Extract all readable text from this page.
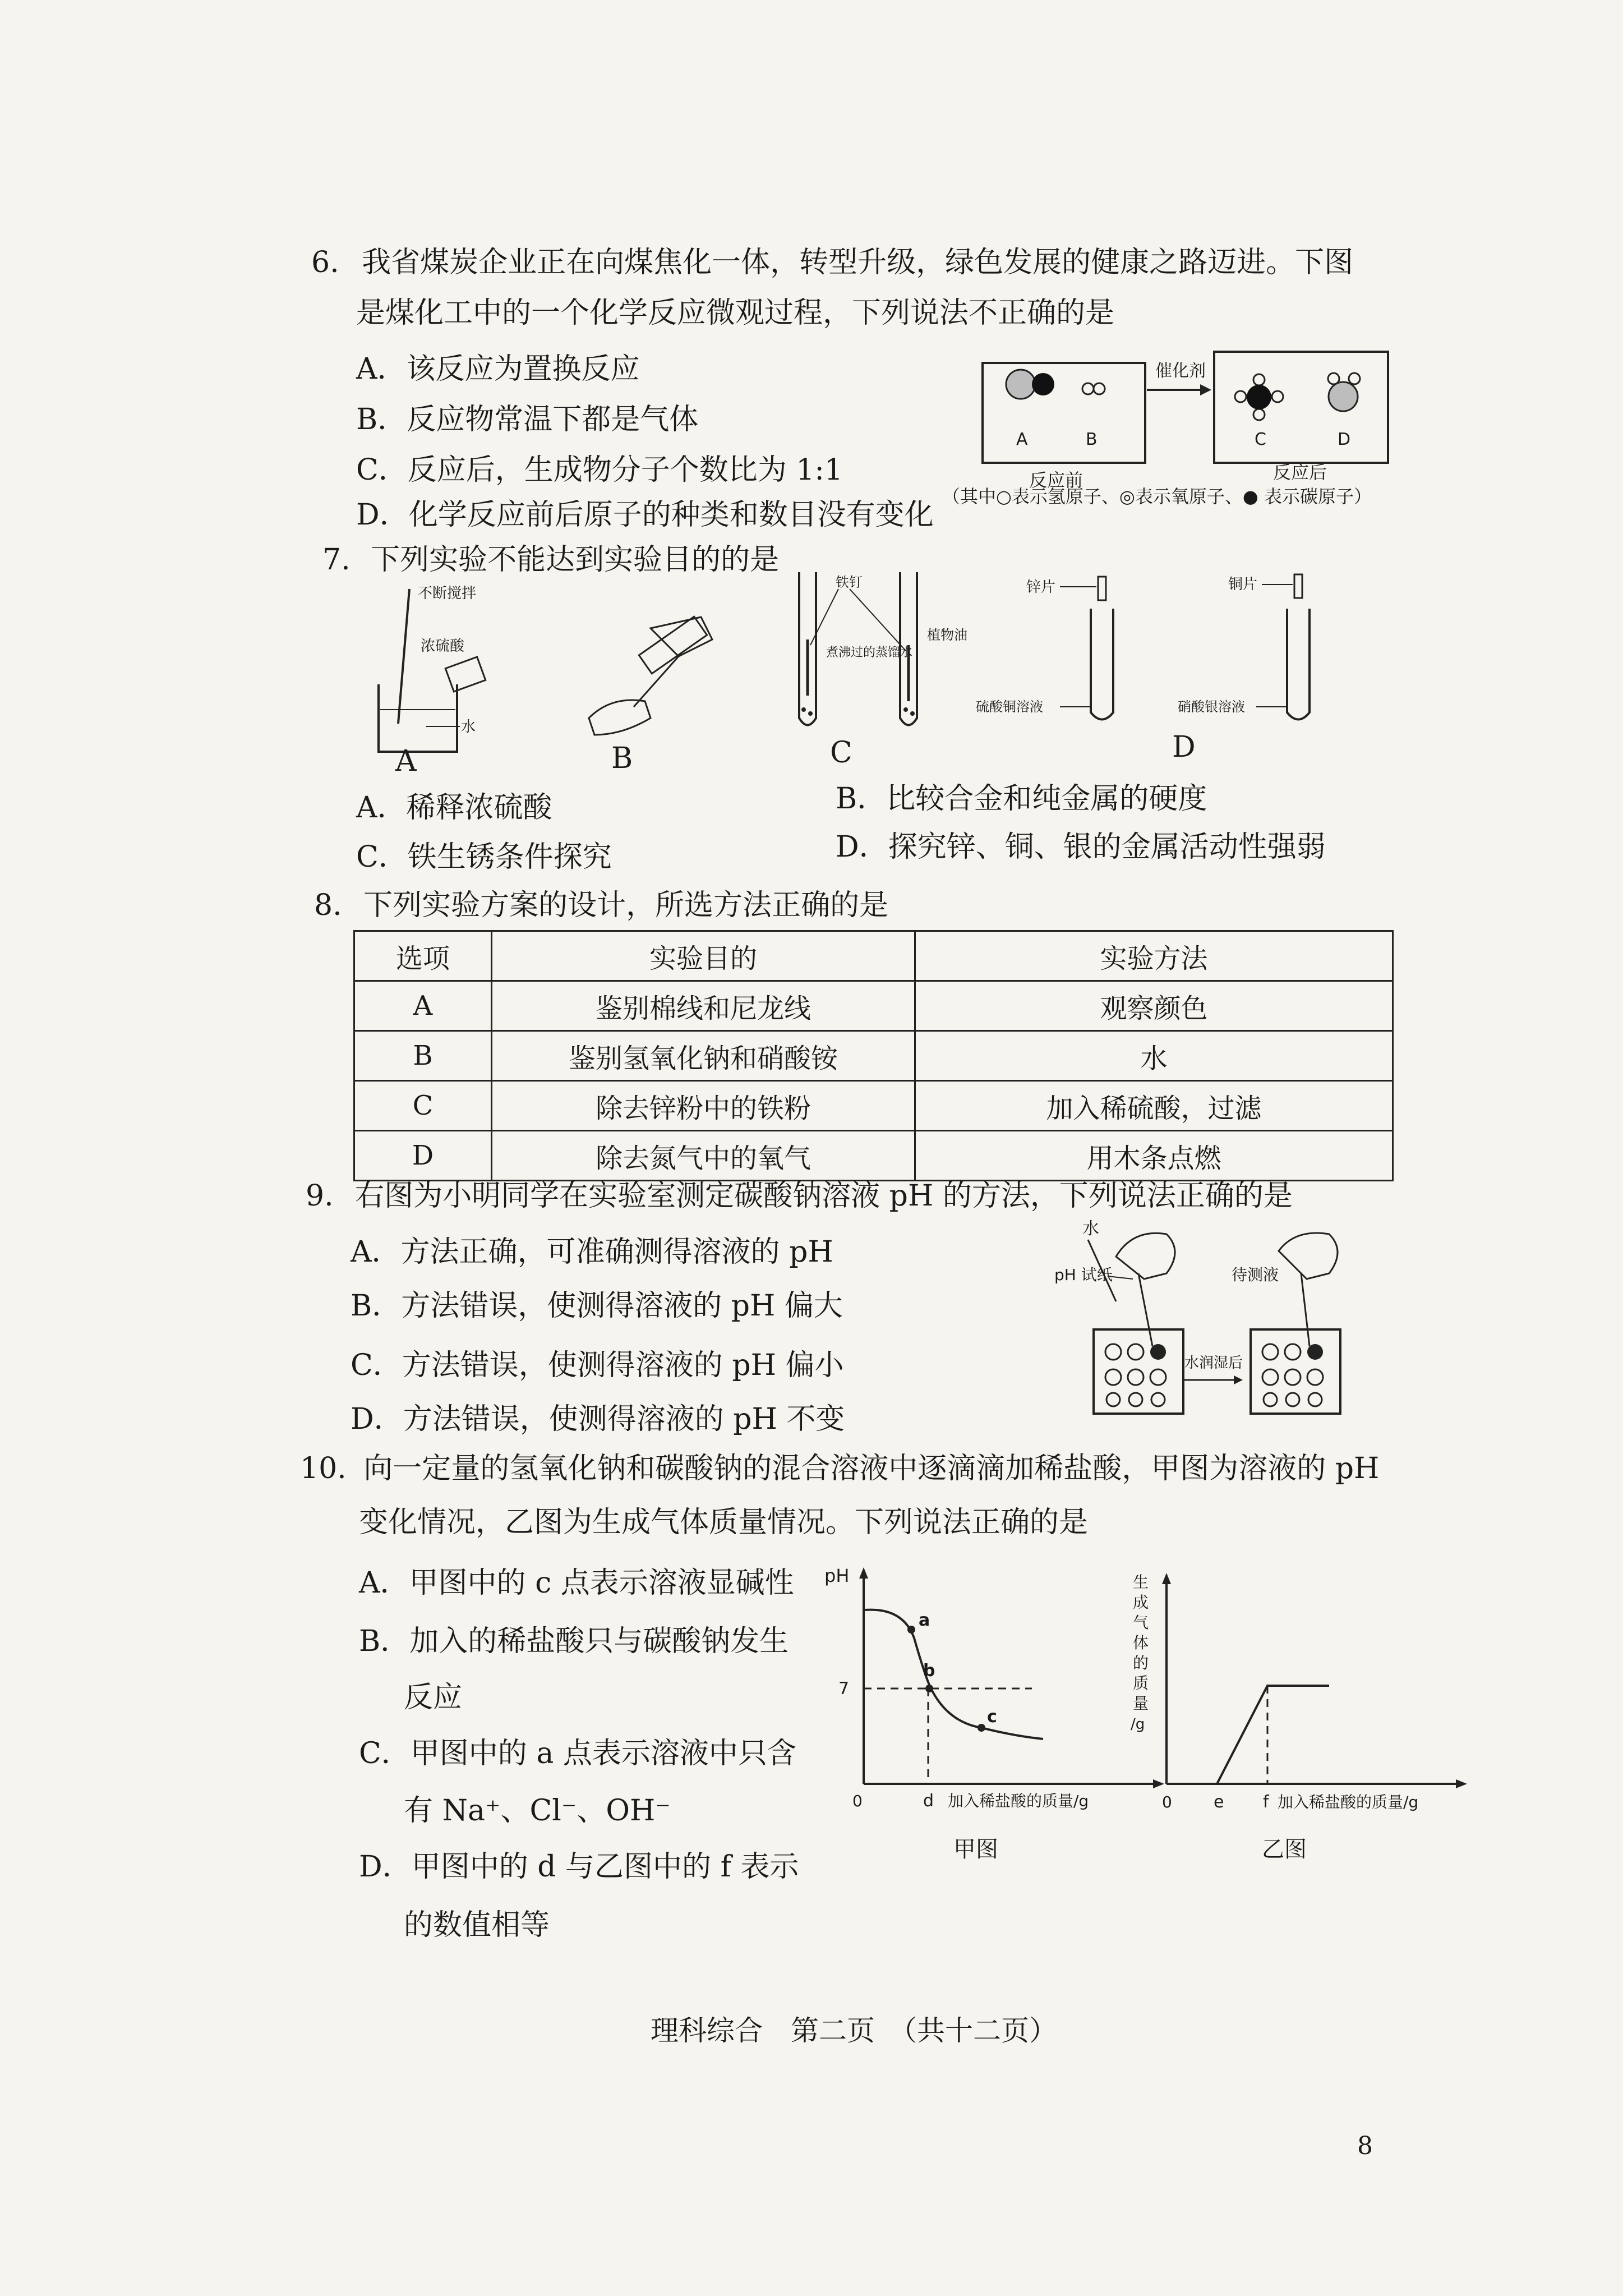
6. 我省煤炭企业正在向煤焦化一体，转型升级，绿色发展的健康之路迈进。下图
是煤化工中的一个化学反应微观过程，下列说法不正确的是
A．该反应为置换反应
B．反应物常温下都是气体
C．反应后，生成物分子个数比为 1:1
D．化学反应前后原子的种类和数目没有变化
A	B
催化剂
C	D
反应前	反应后
（其中○表示氢原子、◎表示氧原子、● 表示碳原子）
7. 下列实验不能达到实验目的的是
不断搅拌
浓硫酸
水
A	B
铁钉
煮沸过的蒸馏水
植物油
C
锌片
硫酸铜溶液
铜片
硝酸银溶液
D
A．稀释浓硫酸	B．比较合金和纯金属的硬度
C．铁生锈条件探究	D．探究锌、铜、银的金属活动性强弱
8. 下列实验方案的设计，所选方法正确的是
选项	实验目的	实验方法
A	鉴别棉线和尼龙线	观察颜色
B	鉴别氢氧化钠和硝酸铵	水
C	除去锌粉中的铁粉	加入稀硫酸，过滤
D	除去氮气中的氧气	用木条点燃
9. 右图为小明同学在实验室测定碳酸钠溶液 pH 的方法，下列说法正确的是
A．方法正确，可准确测得溶液的 pH
B．方法错误，使测得溶液的 pH 偏大
C．方法错误，使测得溶液的 pH 偏小
D．方法错误，使测得溶液的 pH 不变
水
pH 试纸
水润湿后
待测液
10. 向一定量的氢氧化钠和碳酸钠的混合溶液中逐滴滴加稀盐酸，甲图为溶液的 pH
变化情况，乙图为生成气体质量情况。下列说法正确的是
A．甲图中的 c 点表示溶液显碱性
B．加入的稀盐酸只与碳酸钠发生
反应
C．甲图中的 a 点表示溶液中只含
有 Na⁺、Cl⁻、OH⁻
D．甲图中的 d 与乙图中的 f 表示
的数值相等
pH
7
a
b
c
0	d 加入稀盐酸的质量/g
甲图
生
成
气
体
的
质
量
/g
0 e f 加入稀盐酸的质量/g
乙图
理科综合　第二页　（共十二页）
8
